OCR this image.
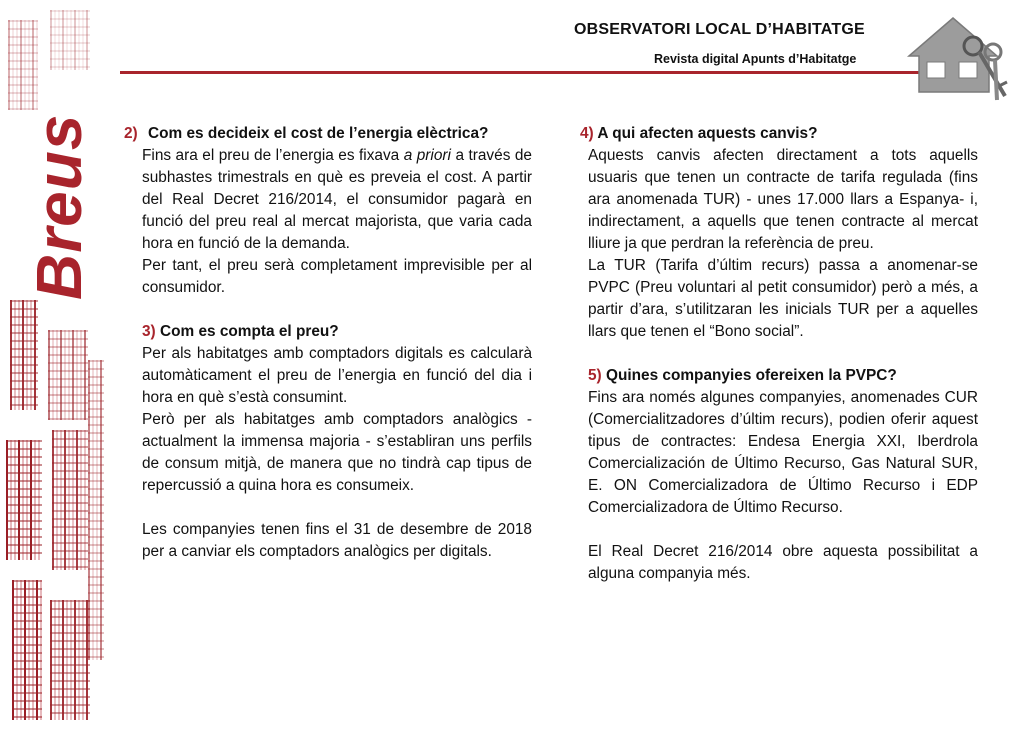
Breus
OBSERVATORI LOCAL D’HABITATGE
Revista digital Apunts d’Habitatge
2) Com es decideix el cost de l’energia elèctrica?

Fins ara el preu de l’energia es fixava a priori a través de subhastes trimestrals en què es preveia el cost. A partir del Real Decret 216/2014, el consumidor pagarà en funció del preu real al mercat majorista, que varia cada hora en funció de la demanda.

Per tant, el preu serà completament imprevisible per al consumidor.

3) Com es compta el preu?

Per als habitatges amb comptadors digitals es calcularà automàticament el preu de l’energia en funció del dia i hora en què s’està consumint.

Però per als habitatges amb comptadors analògics - actualment la immensa majoria - s’establiran uns perfils de consum mitjà, de manera que no tindrà cap tipus de repercussió a quina hora es consumeix.

Les companyies tenen fins el 31 de desembre de 2018 per a canviar els comptadors analògics per digitals.

4) A qui afecten aquests canvis?

Aquests canvis afecten directament a tots aquells usuaris que tenen un contracte de tarifa regulada (fins ara anomenada TUR) - unes 17.000 llars a Espanya- i, indirectament, a aquells que tenen contracte al mercat lliure ja que perdran la referència de preu.

La TUR (Tarifa d’últim recurs) passa a anomenar-se PVPC (Preu voluntari al petit consumidor) però a més, a partir d’ara, s’utilitzaran les inicials TUR per a aquelles llars que tenen el “Bono social”.

5) Quines companyies ofereixen la PVPC?

Fins ara només algunes companyies, anomenades CUR (Comercialitzadores d’últim recurs), podien oferir aquest tipus de contractes: Endesa Energia XXI, Iberdrola Comercialización de Último Recurso, Gas Natural SUR, E. ON Comercializadora de Último Recurso i EDP Comercializadora de Último Recurso.

El Real Decret 216/2014 obre aquesta possibilitat a alguna companyia més.
